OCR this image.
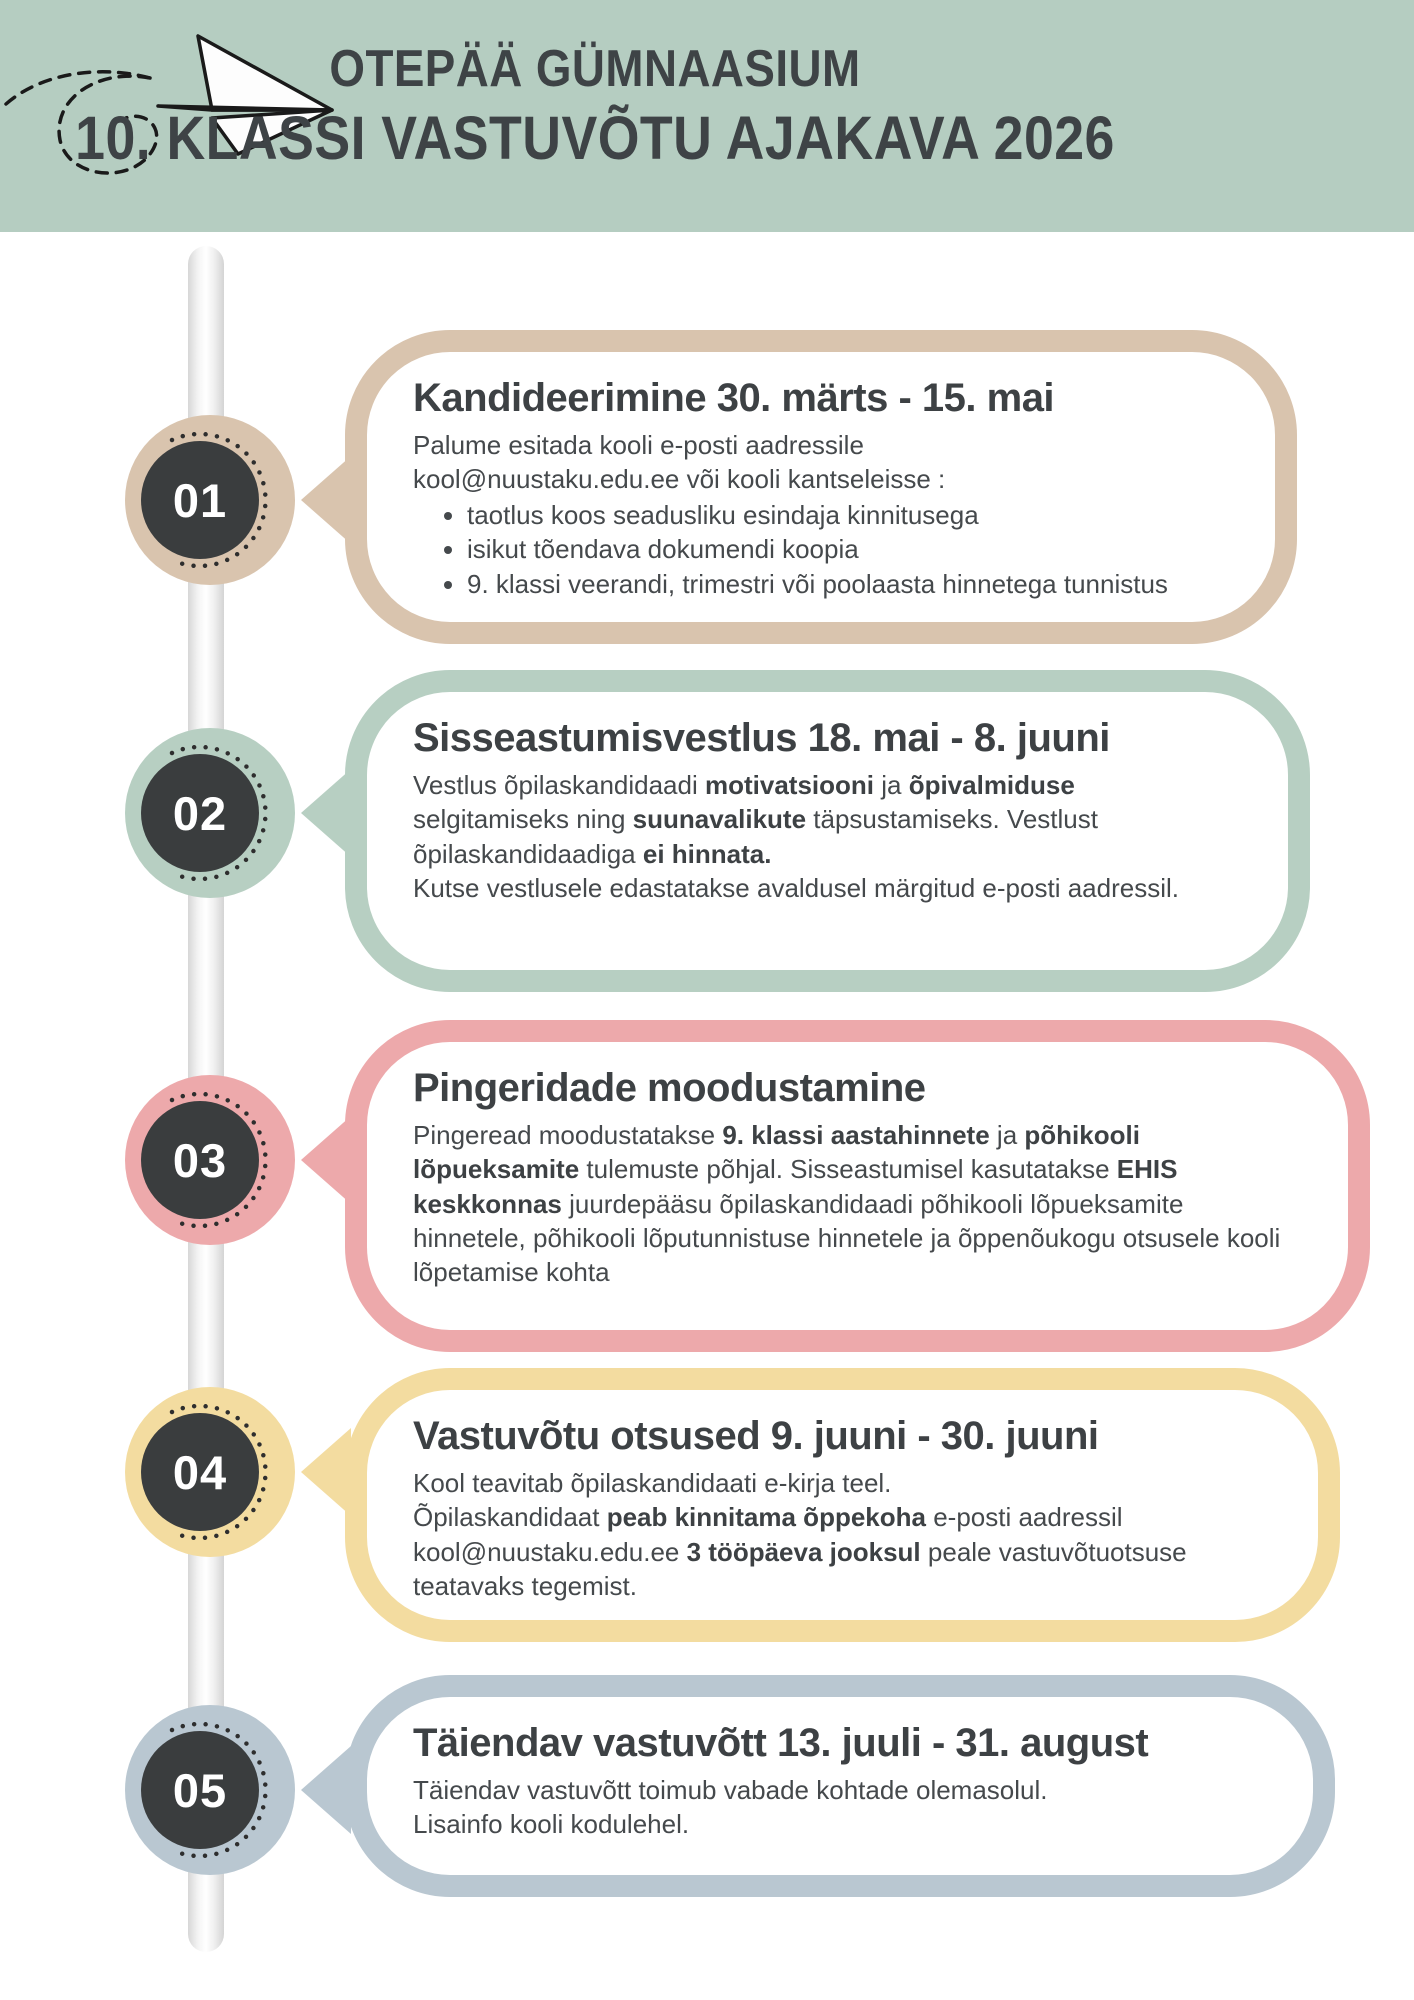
OTEPÄÄ GÜMNAASIUM
10. KLASSI VASTUVÕTU AJAKAVA 2026
01
02
03
04
05
Kandideerimine 30. märts - 15. mai

Palume esitada kooli e-posti aadressile

kool@nuustaku.edu.ee või kooli kantseleisse :

• taotlus koos seadusliku esindaja kinnitusega
• isikut tõendava dokumendi koopia
• 9. klassi veerandi, trimestri või poolaasta hinnetega tunnistus
Sisseastumisvestlus 18. mai - 8. juuni

Vestlus õpilaskandidaadi motivatsiooni ja õpivalmiduse selgitamiseks ning suunavalikute täpsustamiseks. Vestlust õpilaskandidaadiga ei hinnata.

Kutse vestlusele edastatakse avaldusel märgitud e-posti aadressil.

Pingeridade moodustamine

Pingeread moodustatakse 9. klassi aastahinnete ja põhikooli lõpueksamite tulemuste põhjal. Sisseastumisel kasutatakse EHIS keskkonnas juurdepääsu õpilaskandidaadi põhikooli lõpueksamite hinnetele, põhikooli lõputunnistuse hinnetele ja õppenõukogu otsusele kooli lõpetamise kohta

Vastuvõtu otsused 9. juuni - 30. juuni

Kool teavitab õpilaskandidaati e-kirja teel.

Õpilaskandidaat peab kinnitama õppekoha e-posti aadressil kool@nuustaku.edu.ee 3 tööpäeva jooksul peale vastuvõtuotsuse teatavaks tegemist.

Täiendav vastuvõtt 13. juuli - 31. august

Täiendav vastuvõtt toimub vabade kohtade olemasolul.

Lisainfo kooli kodulehel.
